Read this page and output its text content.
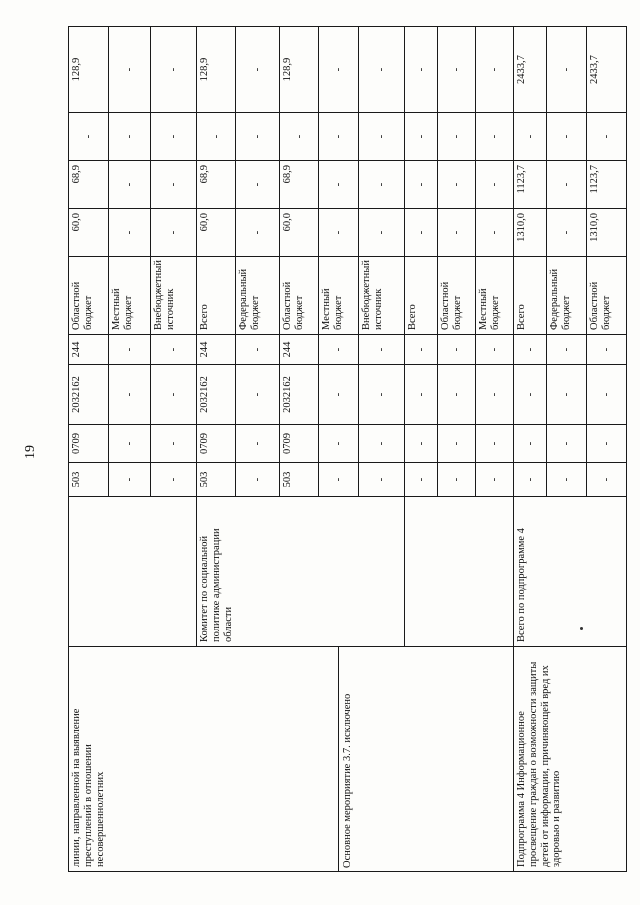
19
линии, направленной на выявление преступлений в отношении несовершеннолетних		503	0709	2032162	244	Областной бюджет	60,0	68,9	-	128,9
		-	-	-	-	Местный бюджет	-	-	-	-
		-	-	-	-	Внебюджетный источник	-	-	-	-
	Комитет по социальной политике администрации области	503	0709	2032162	244	Всего	60,0	68,9	-	128,9
		-	-	-	-	Федеральный бюджет	-	-	-	-
		503	0709	2032162	244	Областной бюджет	60,0	68,9	-	128,9
		-	-	-	-	Местный бюджет	-	-	-	-
		-	-	-	-	Внебюджетный источник	-	-	-	-
		-	-	-	-	Всего	-	-	-	-
		-	-	-	-	Областной бюджет	-	-	-	-
		-	-	-	-	Местный бюджет	-	-	-	-
Подпрограмма 4 Информационное просвещение граждан о возможности защиты детей от информации, причиняющей вред их здоровью и развитию	Всего по подпрограмме 4	-	-	-	-	Всего	1310,0	1123,7	-	2433,7
		-	-	-	-	Федеральный бюджет	-	-	-	-
		-	-	-	-	Областной бюджет	1310,0	1123,7	-	2433,7
Основное мероприятие 3.7. исключено
